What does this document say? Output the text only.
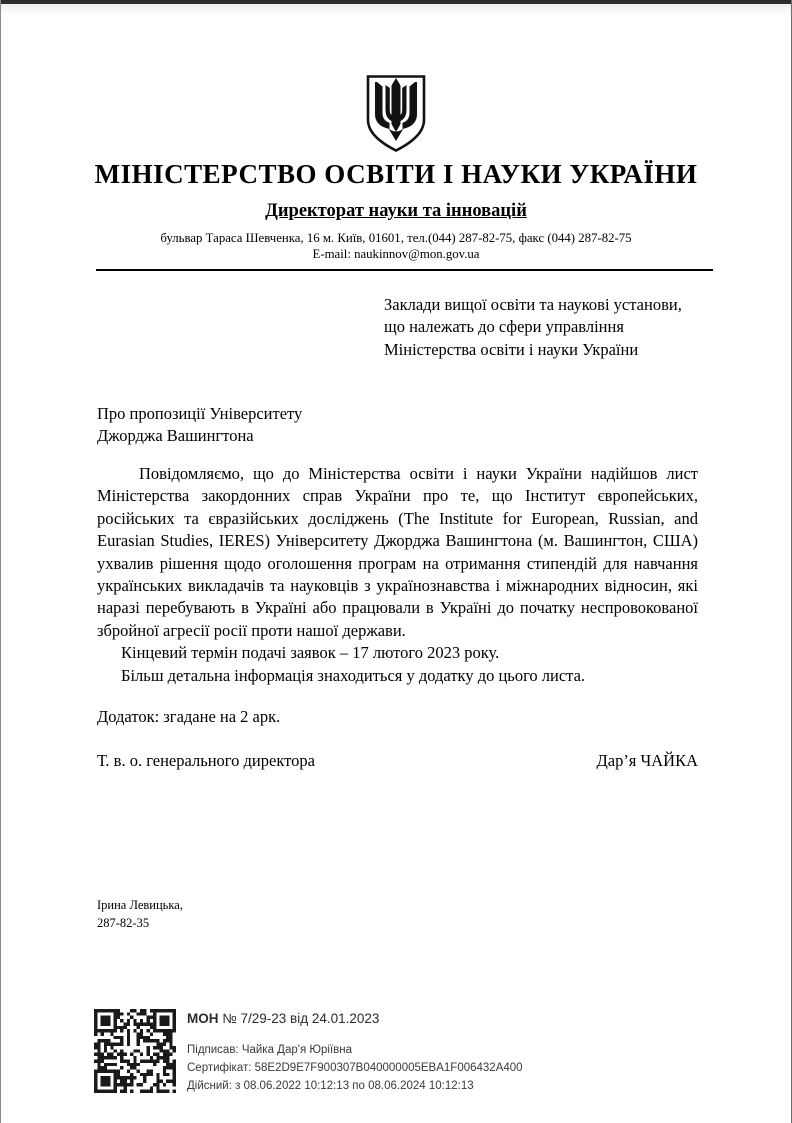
МІНІСТЕРСТВО ОСВІТИ І НАУКИ УКРАЇНИ
Директорат науки та інновацій
бульвар Тараса Шевченка, 16 м. Київ, 01601, тел.(044) 287-82-75, факс (044) 287-82-75
E-mail: naukinnov@mon.gov.ua
Заклади вищої освіти та наукові установи,
що належать до сфери управління
Міністерства освіти і науки України
Про пропозиції Університету
Джорджа Вашингтона

Повідомляємо, що до Міністерства освіти і науки України надійшов лист Міністерства закордонних справ України про те, що Інститут європейських, російських та євразійських досліджень (The Institute for European, Russian, and Eurasian Studies, IERES) Університету Джорджа Вашингтона (м. Вашингтон, США) ухвалив рішення щодо оголошення програм на отримання стипендій для навчання українських викладачів та науковців з українознавства і міжнародних відносин, які наразі перебувають в Україні або працювали в Україні до початку неспровокованої збройної агресії росії проти нашої держави.

Кінцевий термін подачі заявок – 17 лютого 2023 року.

Більш детальна інформація знаходиться у додатку до цього листа.

Додаток: згадане на 2 арк.
Т. в. о. генерального директора	Дар’я ЧАЙКА
Ірина Левицька,
287-82-35
МОН № 7/29-23 від 24.01.2023
Підписав: Чайка Дар'я Юріївна
Сертифікат: 58E2D9E7F900307B040000005EBA1F006432A400
Дійсний: з 08.06.2022 10:12:13 по 08.06.2024 10:12:13
